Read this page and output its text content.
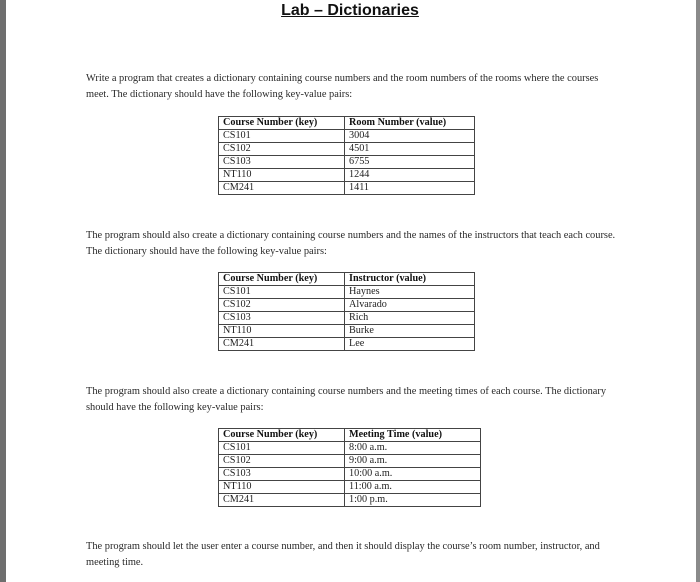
Lab – Dictionaries
Write a program that creates a dictionary containing course numbers and the room numbers of the rooms where the courses meet. The dictionary should have the following key-value pairs:
Course Number (key)	Room Number (value)
CS101	3004
CS102	4501
CS103	6755
NT110	1244
CM241	1411
The program should also create a dictionary containing course numbers and the names of the instructors that teach each course. The dictionary should have the following key-value pairs:
Course Number (key)	Instructor (value)
CS101	Haynes
CS102	Alvarado
CS103	Rich
NT110	Burke
CM241	Lee
The program should also create a dictionary containing course numbers and the meeting times of each course. The dictionary should have the following key-value pairs:
Course Number (key)	Meeting Time (value)
CS101	8:00 a.m.
CS102	9:00 a.m.
CS103	10:00 a.m.
NT110	11:00 a.m.
CM241	1:00 p.m.
The program should let the user enter a course number, and then it should display the course’s room number, instructor, and meeting time.
